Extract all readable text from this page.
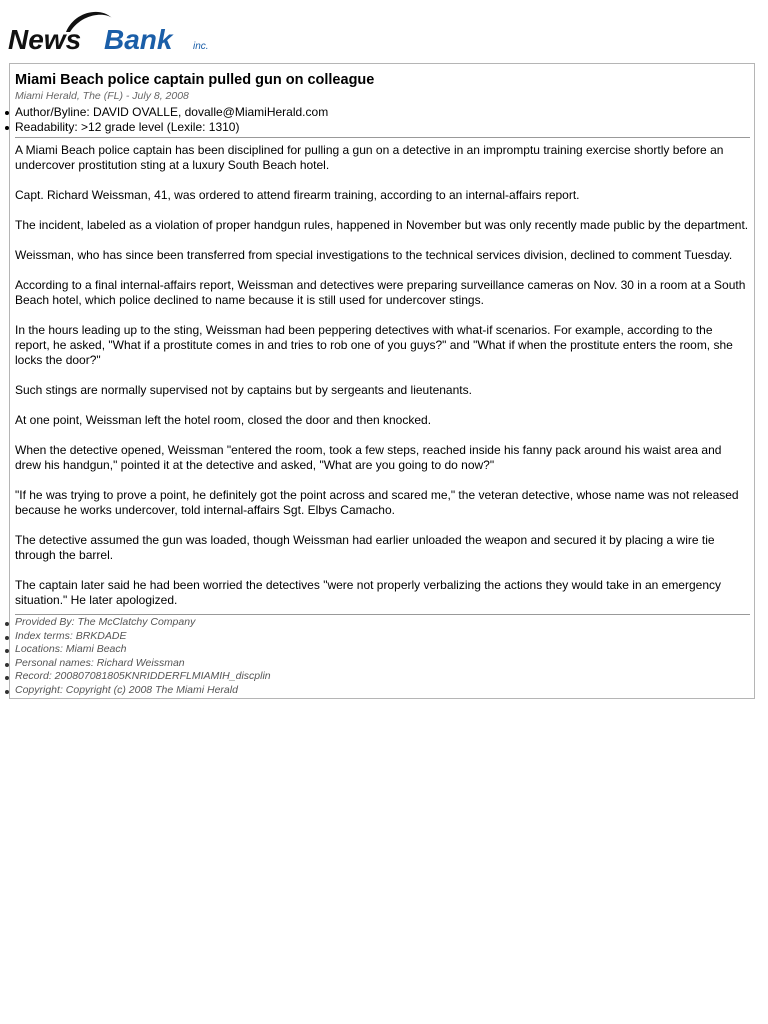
News Bank inc.
Miami Beach police captain pulled gun on colleague
Miami Herald, The (FL) - July 8, 2008
Author/Byline: DAVID OVALLE, dovalle@MiamiHerald.com
Readability: >12 grade level (Lexile: 1310)

A Miami Beach police captain has been disciplined for pulling a gun on a detective in an impromptu training exercise shortly before an undercover prostitution sting at a luxury South Beach hotel.

Capt. Richard Weissman, 41, was ordered to attend firearm training, according to an internal-affairs report.

The incident, labeled as a violation of proper handgun rules, happened in November but was only recently made public by the department.

Weissman, who has since been transferred from special investigations to the technical services division, declined to comment Tuesday.

According to a final internal-affairs report, Weissman and detectives were preparing surveillance cameras on Nov. 30 in a room at a South Beach hotel, which police declined to name because it is still used for undercover stings.

In the hours leading up to the sting, Weissman had been peppering detectives with what-if scenarios. For example, according to the report, he asked, "What if a prostitute comes in and tries to rob one of you guys?" and "What if when the prostitute enters the room, she locks the door?"

Such stings are normally supervised not by captains but by sergeants and lieutenants.

At one point, Weissman left the hotel room, closed the door and then knocked.

When the detective opened, Weissman "entered the room, took a few steps, reached inside his fanny pack around his waist area and drew his handgun," pointed it at the detective and asked, "What are you going to do now?"

"If he was trying to prove a point, he definitely got the point across and scared me," the veteran detective, whose name was not released because he works undercover, told internal-affairs Sgt. Elbys Camacho.

The detective assumed the gun was loaded, though Weissman had earlier unloaded the weapon and secured it by placing a wire tie through the barrel.

The captain later said he had been worried the detectives "were not properly verbalizing the actions they would take in an emergency situation." He later apologized.

Provided By: The McClatchy Company
Index terms: BRKDADE
Locations: Miami Beach
Personal names: Richard Weissman
Record: 200807081805KNRIDDERFLMIAMIH_discplin
Copyright: Copyright (c) 2008 The Miami Herald
